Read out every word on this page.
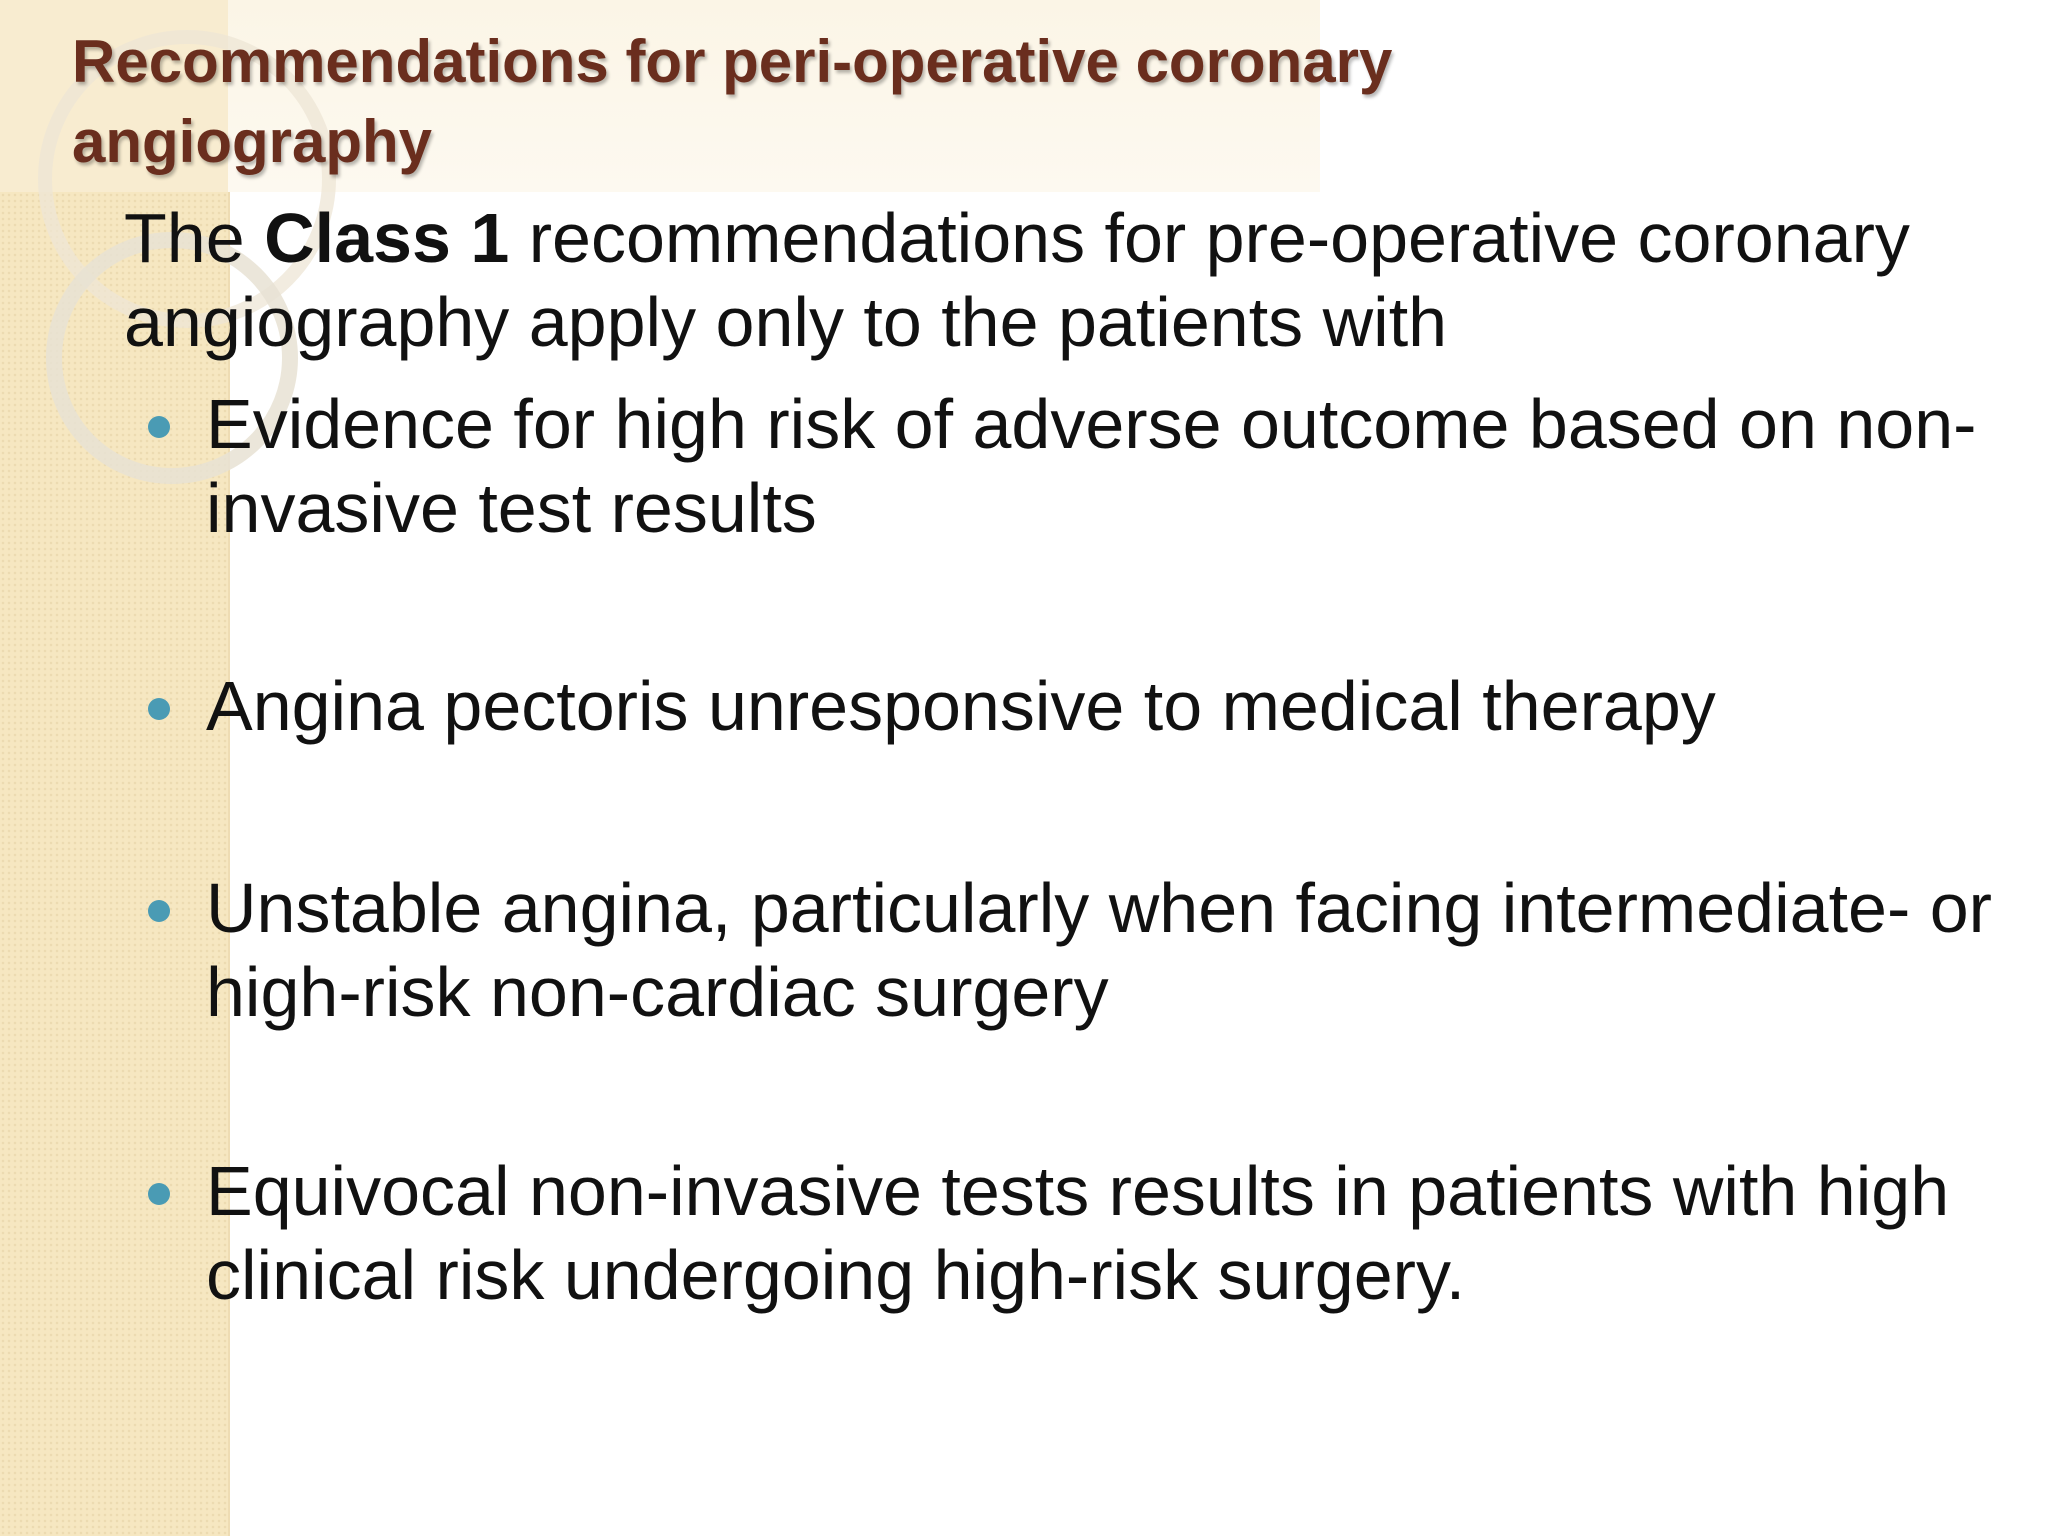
Recommendations for peri-operative coronary angiography

The Class 1 recommendations for pre-operative coronary angiography apply only to the patients with

Evidence for high risk of adverse outcome based on non-invasive test results
Angina pectoris unresponsive to medical therapy
Unstable angina, particularly when facing intermediate- or high-risk non-cardiac surgery
Equivocal non-invasive tests results in patients with high clinical risk undergoing high-risk surgery.
